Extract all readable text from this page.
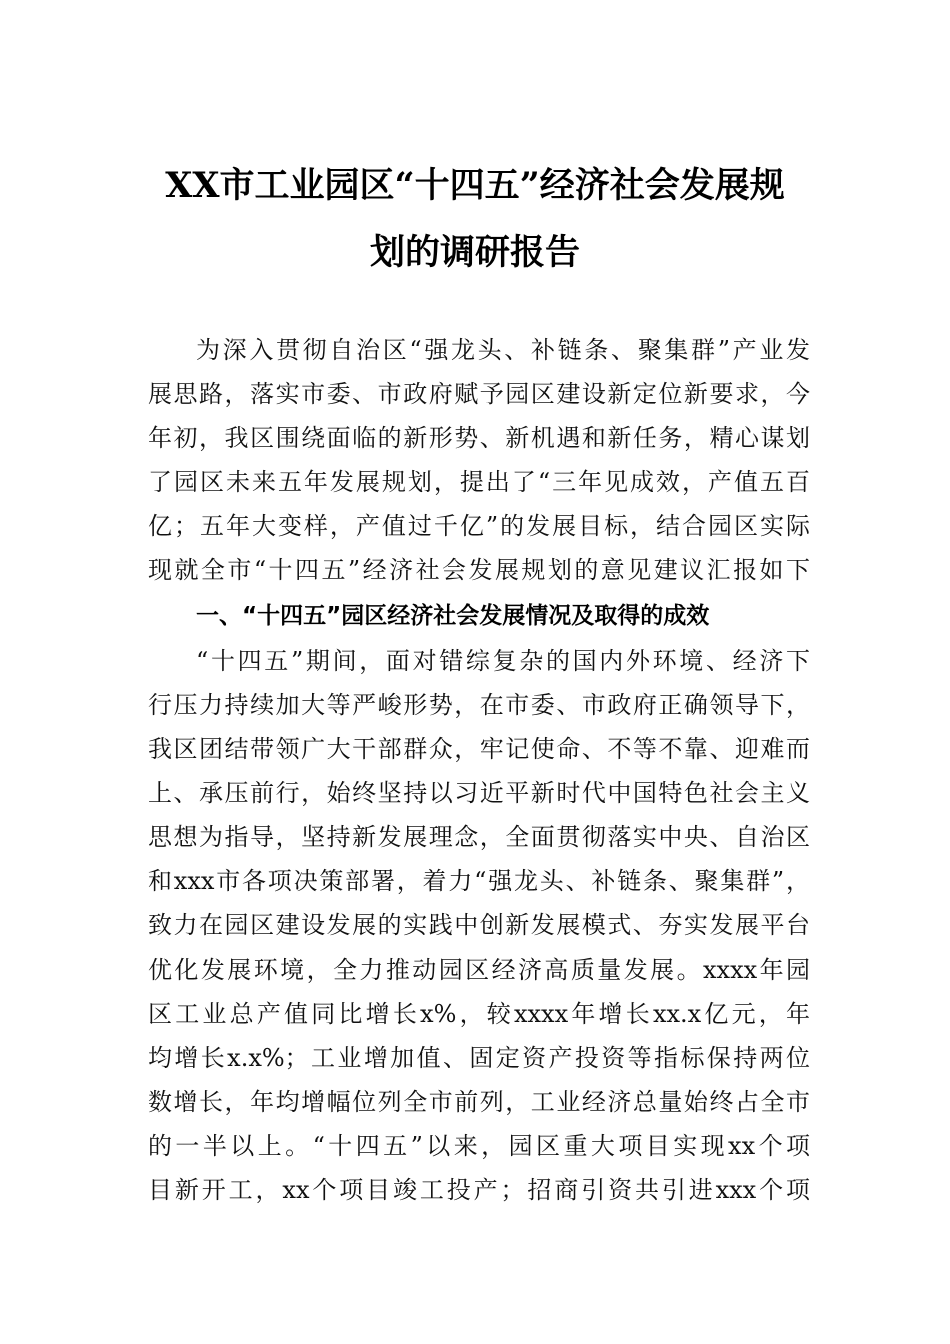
XX市工业园区“十四五”经济社会发展规
划的调研报告

为深入贯彻自治区“强龙头、补链条、聚集群”产业发

展思路，落实市委、市政府赋予园区建设新定位新要求，今

年初，我区围绕面临的新形势、新机遇和新任务，精心谋划

了园区未来五年发展规划，提出了“三年见成效，产值五百

亿；五年大变样，产值过千亿”的发展目标，结合园区实际

现就全市“十四五”经济社会发展规划的意见建议汇报如下

一、“十四五”园区经济社会发展情况及取得的成效

“十四五”期间，面对错综复杂的国内外环境、经济下

行压力持续加大等严峻形势，在市委、市政府正确领导下，

我区团结带领广大干部群众，牢记使命、不等不靠、迎难而

上、承压前行，始终坚持以习近平新时代中国特色社会主义

思想为指导，坚持新发展理念，全面贯彻落实中央、自治区

和xxx市各项决策部署，着力“强龙头、补链条、聚集群”，

致力在园区建设发展的实践中创新发展模式、夯实发展平台

优化发展环境，全力推动园区经济高质量发展。xxxx年园

区工业总产值同比增长x%，较xxxx年增长xx.x亿元，年

均增长x.x%；工业增加值、固定资产投资等指标保持两位

数增长，年均增幅位列全市前列，工业经济总量始终占全市

的一半以上。“十四五”以来，园区重大项目实现xx个项

目新开工，xx个项目竣工投产；招商引资共引进xxx个项
